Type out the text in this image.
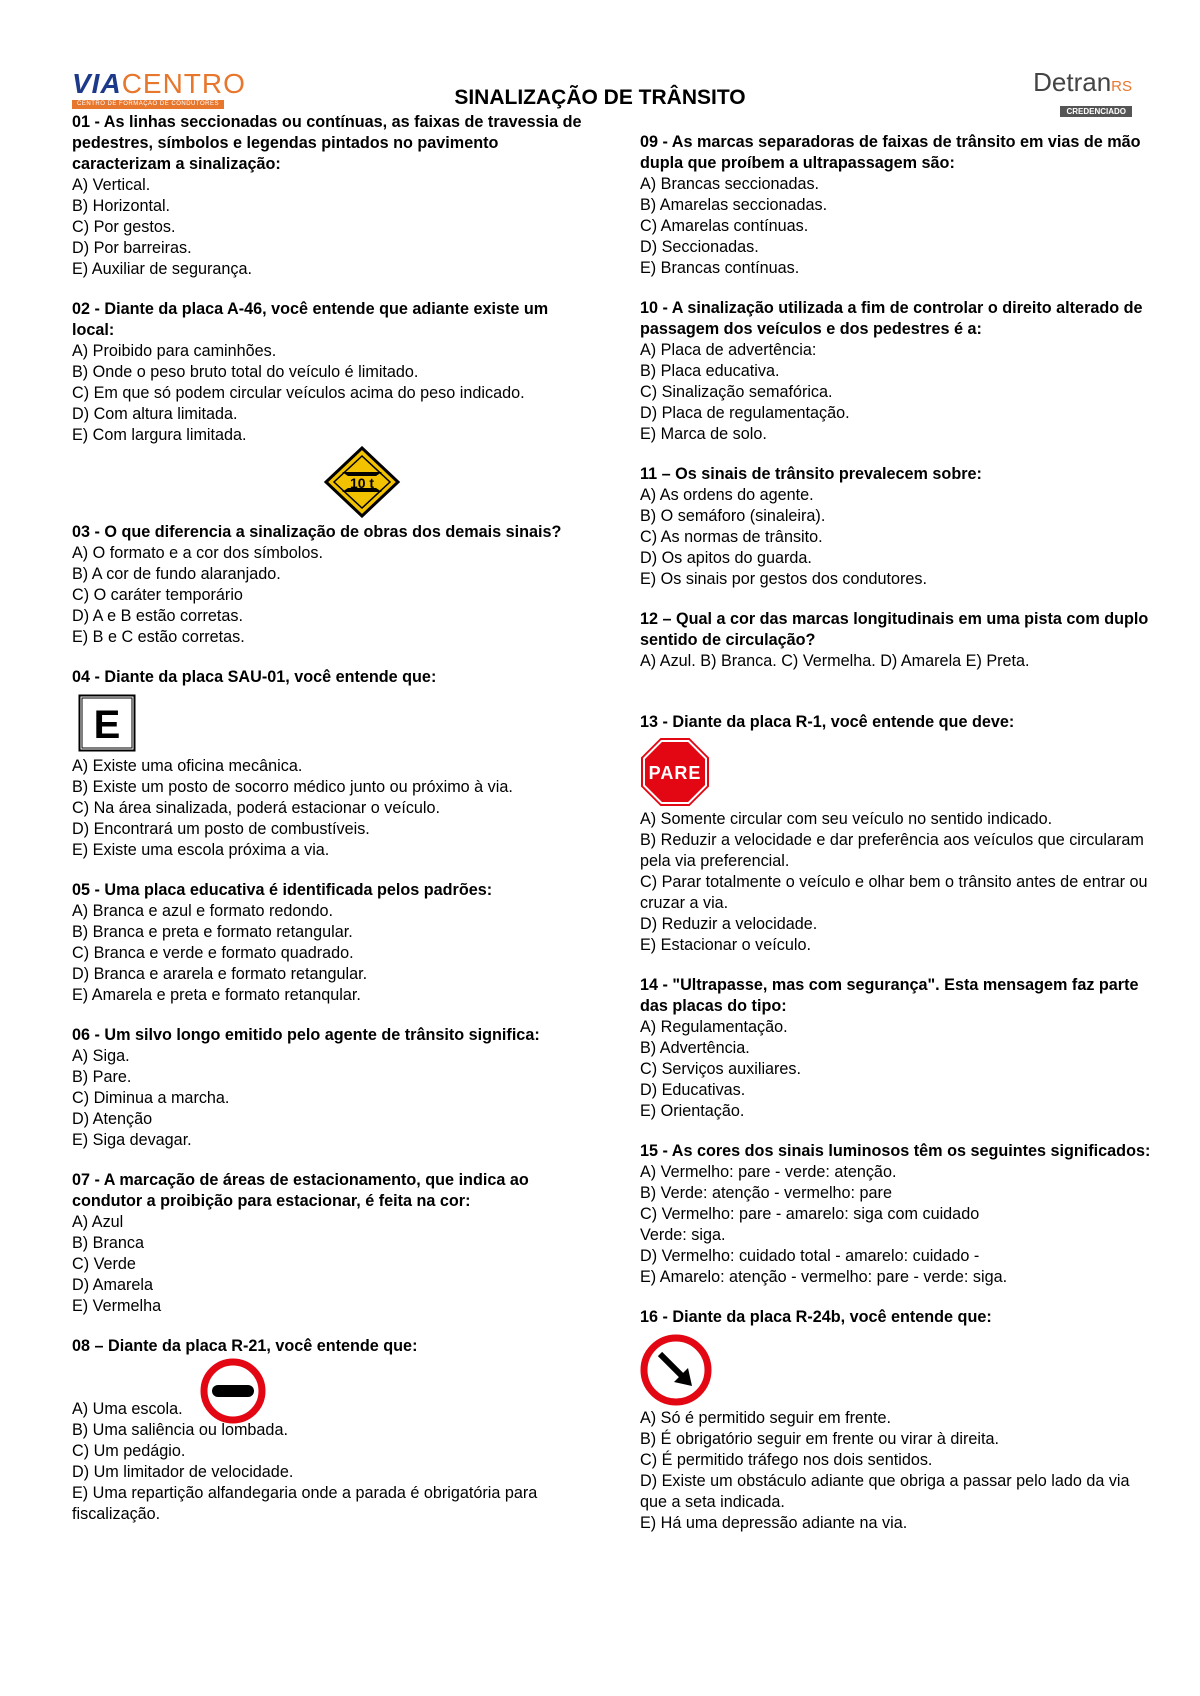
VIACENTRO
CENTRO DE FORMAÇÃO DE CONDUTORES
DetranRS
CREDENCIADO
SINALIZAÇÃO DE TRÂNSITO
01 - As linhas seccionadas ou contínuas, as faixas de travessia de pedestres, símbolos e legendas pintados no pavimento caracterizam a sinalização:
A) Vertical.
B) Horizontal.
C) Por gestos.
D) Por barreiras.
E) Auxiliar de segurança.
02 - Diante da placa A-46, você entende que adiante existe um local:
A) Proibido para caminhões.
B) Onde o peso bruto total do veículo é limitado.
C) Em que só podem circular veículos acima do peso indicado.
D) Com altura limitada.
E) Com largura limitada.
10 t
03 - O que diferencia a sinalização de obras dos demais sinais?
A) O formato e a cor dos símbolos.
B) A cor de fundo alaranjado.
C) O caráter temporário
D) A e B estão corretas.
E) B e C estão corretas.
04 - Diante da placa SAU-01, você entende que:
E
A) Existe uma oficina mecânica.
B) Existe um posto de socorro médico junto ou próximo à via.
C) Na área sinalizada, poderá estacionar o veículo.
D) Encontrará um posto de combustíveis.
E) Existe uma escola próxima a via.
05 - Uma placa educativa é identificada pelos padrões:
A) Branca e azul e formato redondo.
B) Branca e preta e formato retangular.
C) Branca e verde e formato quadrado.
D) Branca e ararela e formato retangular.
E) Amarela e preta e formato retanqular.
06 - Um silvo longo emitido pelo agente de trânsito significa:
A) Siga.
B) Pare.
C) Diminua a marcha.
D) Atenção
E) Siga devagar.
07 - A marcação de áreas de estacionamento, que indica ao condutor a proibição para estacionar, é feita na cor:
A) Azul
B) Branca
C) Verde
D) Amarela
E) Vermelha
08 – Diante da placa R-21, você entende que:
A) Uma escola.
B) Uma saliência ou lombada.
C) Um pedágio.
D) Um limitador de velocidade.
E) Uma repartição alfandegaria onde a parada é obrigatória para fiscalização.
09 - As marcas separadoras de faixas de trânsito em vias de mão dupla que proíbem a ultrapassagem são:
A) Brancas seccionadas.
B) Amarelas seccionadas.
C) Amarelas contínuas.
D) Seccionadas.
E) Brancas contínuas.
10 - A sinalização utilizada a fim de controlar o direito alterado de passagem dos veículos e dos pedestres é a:
A) Placa de advertência:
B) Placa educativa.
C) Sinalização semafórica.
D) Placa de regulamentação.
E) Marca de solo.
11 – Os sinais de trânsito prevalecem sobre:
A) As ordens do agente.
B) O semáforo (sinaleira).
C) As normas de trânsito.
D) Os apitos do guarda.
E) Os sinais por gestos dos condutores.
12 – Qual a cor das marcas longitudinais em uma pista com duplo sentido de circulação?
A) Azul. B) Branca. C) Vermelha. D) Amarela E) Preta.
13 - Diante da placa R-1, você entende que deve:
PARE
A) Somente circular com seu veículo no sentido indicado.
B) Reduzir a velocidade e dar preferência aos veículos que circularam pela via preferencial.
C) Parar totalmente o veículo e olhar bem o trânsito antes de entrar ou cruzar a via.
D) Reduzir a velocidade.
E) Estacionar o veículo.
14 - "Ultrapasse, mas com segurança". Esta mensagem faz parte das placas do tipo:
A) Regulamentação.
B) Advertência.
C) Serviços auxiliares.
D) Educativas.
E) Orientação.
15 - As cores dos sinais luminosos têm os seguintes significados:
A) Vermelho: pare - verde: atenção.
B) Verde: atenção - vermelho: pare
C) Vermelho: pare - amarelo: siga com cuidado
Verde: siga.
D) Vermelho: cuidado total - amarelo: cuidado -
E) Amarelo: atenção - vermelho: pare - verde: siga.
16 - Diante da placa R-24b, você entende que:
A) Só é permitido seguir em frente.
B) É obrigatório seguir em frente ou virar à direita.
C) É permitido tráfego nos dois sentidos.
D) Existe um obstáculo adiante que obriga a passar pelo lado da via que a seta indicada.
E) Há uma depressão adiante na via.
